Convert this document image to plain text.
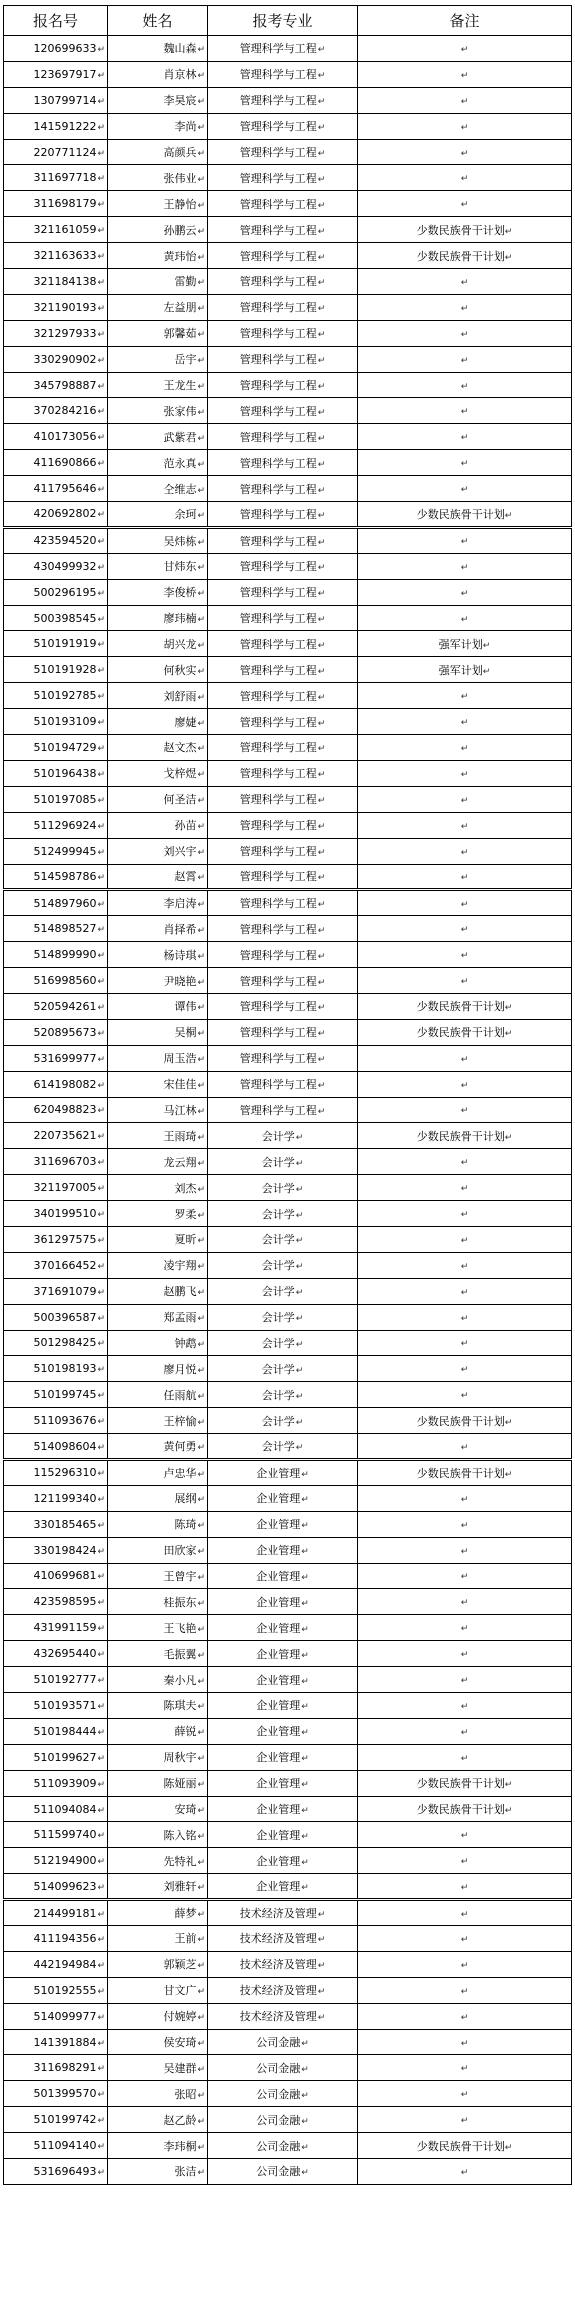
报名号	姓名	报考专业	备注
120699633↵	魏山森↵	管理科学与工程↵	↵
123697917↵	肖京林↵	管理科学与工程↵	↵
130799714↵	李昊宸↵	管理科学与工程↵	↵
141591222↵	李尚↵	管理科学与工程↵	↵
220771124↵	高颜兵↵	管理科学与工程↵	↵
311697718↵	张伟业↵	管理科学与工程↵	↵
311698179↵	王静怡↵	管理科学与工程↵	↵
321161059↵	孙鹏云↵	管理科学与工程↵	少数民族骨干计划↵
321163633↵	黄玮怡↵	管理科学与工程↵	少数民族骨干计划↵
321184138↵	雷勤↵	管理科学与工程↵	↵
321190193↵	左益朋↵	管理科学与工程↵	↵
321297933↵	郭馨茹↵	管理科学与工程↵	↵
330290902↵	岳宇↵	管理科学与工程↵	↵
345798887↵	王龙生↵	管理科学与工程↵	↵
370284216↵	张家伟↵	管理科学与工程↵	↵
410173056↵	武紫君↵	管理科学与工程↵	↵
411690866↵	范永真↵	管理科学与工程↵	↵
411795646↵	仝维志↵	管理科学与工程↵	↵
420692802↵	余珂↵	管理科学与工程↵	少数民族骨干计划↵
423594520↵	吴炜栋↵	管理科学与工程↵	↵
430499932↵	甘炜东↵	管理科学与工程↵	↵
500296195↵	李俊桥↵	管理科学与工程↵	↵
500398545↵	廖玮楠↵	管理科学与工程↵	↵
510191919↵	胡兴龙↵	管理科学与工程↵	强军计划↵
510191928↵	何秋实↵	管理科学与工程↵	强军计划↵
510192785↵	刘舒雨↵	管理科学与工程↵	↵
510193109↵	廖婕↵	管理科学与工程↵	↵
510194729↵	赵文杰↵	管理科学与工程↵	↵
510196438↵	戈梓煜↵	管理科学与工程↵	↵
510197085↵	何圣洁↵	管理科学与工程↵	↵
511296924↵	孙苗↵	管理科学与工程↵	↵
512499945↵	刘兴宇↵	管理科学与工程↵	↵
514598786↵	赵霄↵	管理科学与工程↵	↵
514897960↵	李启涛↵	管理科学与工程↵	↵
514898527↵	肖择希↵	管理科学与工程↵	↵
514899990↵	杨诗琪↵	管理科学与工程↵	↵
516998560↵	尹晓艳↵	管理科学与工程↵	↵
520594261↵	谭伟↵	管理科学与工程↵	少数民族骨干计划↵
520895673↵	吴桐↵	管理科学与工程↵	少数民族骨干计划↵
531699977↵	周玉浩↵	管理科学与工程↵	↵
614198082↵	宋佳佳↵	管理科学与工程↵	↵
620498823↵	马江林↵	管理科学与工程↵	↵
220735621↵	王雨琦↵	会计学↵	少数民族骨干计划↵
311696703↵	龙云翔↵	会计学↵	↵
321197005↵	刘杰↵	会计学↵	↵
340199510↵	罗柔↵	会计学↵	↵
361297575↵	夏昕↵	会计学↵	↵
370166452↵	凌宇翔↵	会计学↵	↵
371691079↵	赵鹏飞↵	会计学↵	↵
500396587↵	郑孟雨↵	会计学↵	↵
501298425↵	钟鹉↵	会计学↵	↵
510198193↵	廖月悦↵	会计学↵	↵
510199745↵	任雨航↵	会计学↵	↵
511093676↵	王梓愉↵	会计学↵	少数民族骨干计划↵
514098604↵	黄何勇↵	会计学↵	↵
115296310↵	卢忠华↵	企业管理↵	少数民族骨干计划↵
121199340↵	展纲↵	企业管理↵	↵
330185465↵	陈琦↵	企业管理↵	↵
330198424↵	田欣家↵	企业管理↵	↵
410699681↵	王曾宇↵	企业管理↵	↵
423598595↵	桂振东↵	企业管理↵	↵
431991159↵	王飞艳↵	企业管理↵	↵
432695440↵	毛振翼↵	企业管理↵	↵
510192777↵	秦小凡↵	企业管理↵	↵
510193571↵	陈琪夫↵	企业管理↵	↵
510198444↵	薛锐↵	企业管理↵	↵
510199627↵	周秋宇↵	企业管理↵	↵
511093909↵	陈娅丽↵	企业管理↵	少数民族骨干计划↵
511094084↵	安琦↵	企业管理↵	少数民族骨干计划↵
511599740↵	陈入铭↵	企业管理↵	↵
512194900↵	先特礼↵	企业管理↵	↵
514099623↵	刘雅轩↵	企业管理↵	↵
214499181↵	薛梦↵	技术经济及管理↵	↵
411194356↵	王前↵	技术经济及管理↵	↵
442194984↵	郭颖芝↵	技术经济及管理↵	↵
510192555↵	甘文广↵	技术经济及管理↵	↵
514099977↵	付婉婷↵	技术经济及管理↵	↵
141391884↵	侯安琦↵	公司金融↵	↵
311698291↵	吴建群↵	公司金融↵	↵
501399570↵	张昭↵	公司金融↵	↵
510199742↵	赵乙龄↵	公司金融↵	↵
511094140↵	李玮桐↵	公司金融↵	少数民族骨干计划↵
531696493↵	张洁↵	公司金融↵	↵
